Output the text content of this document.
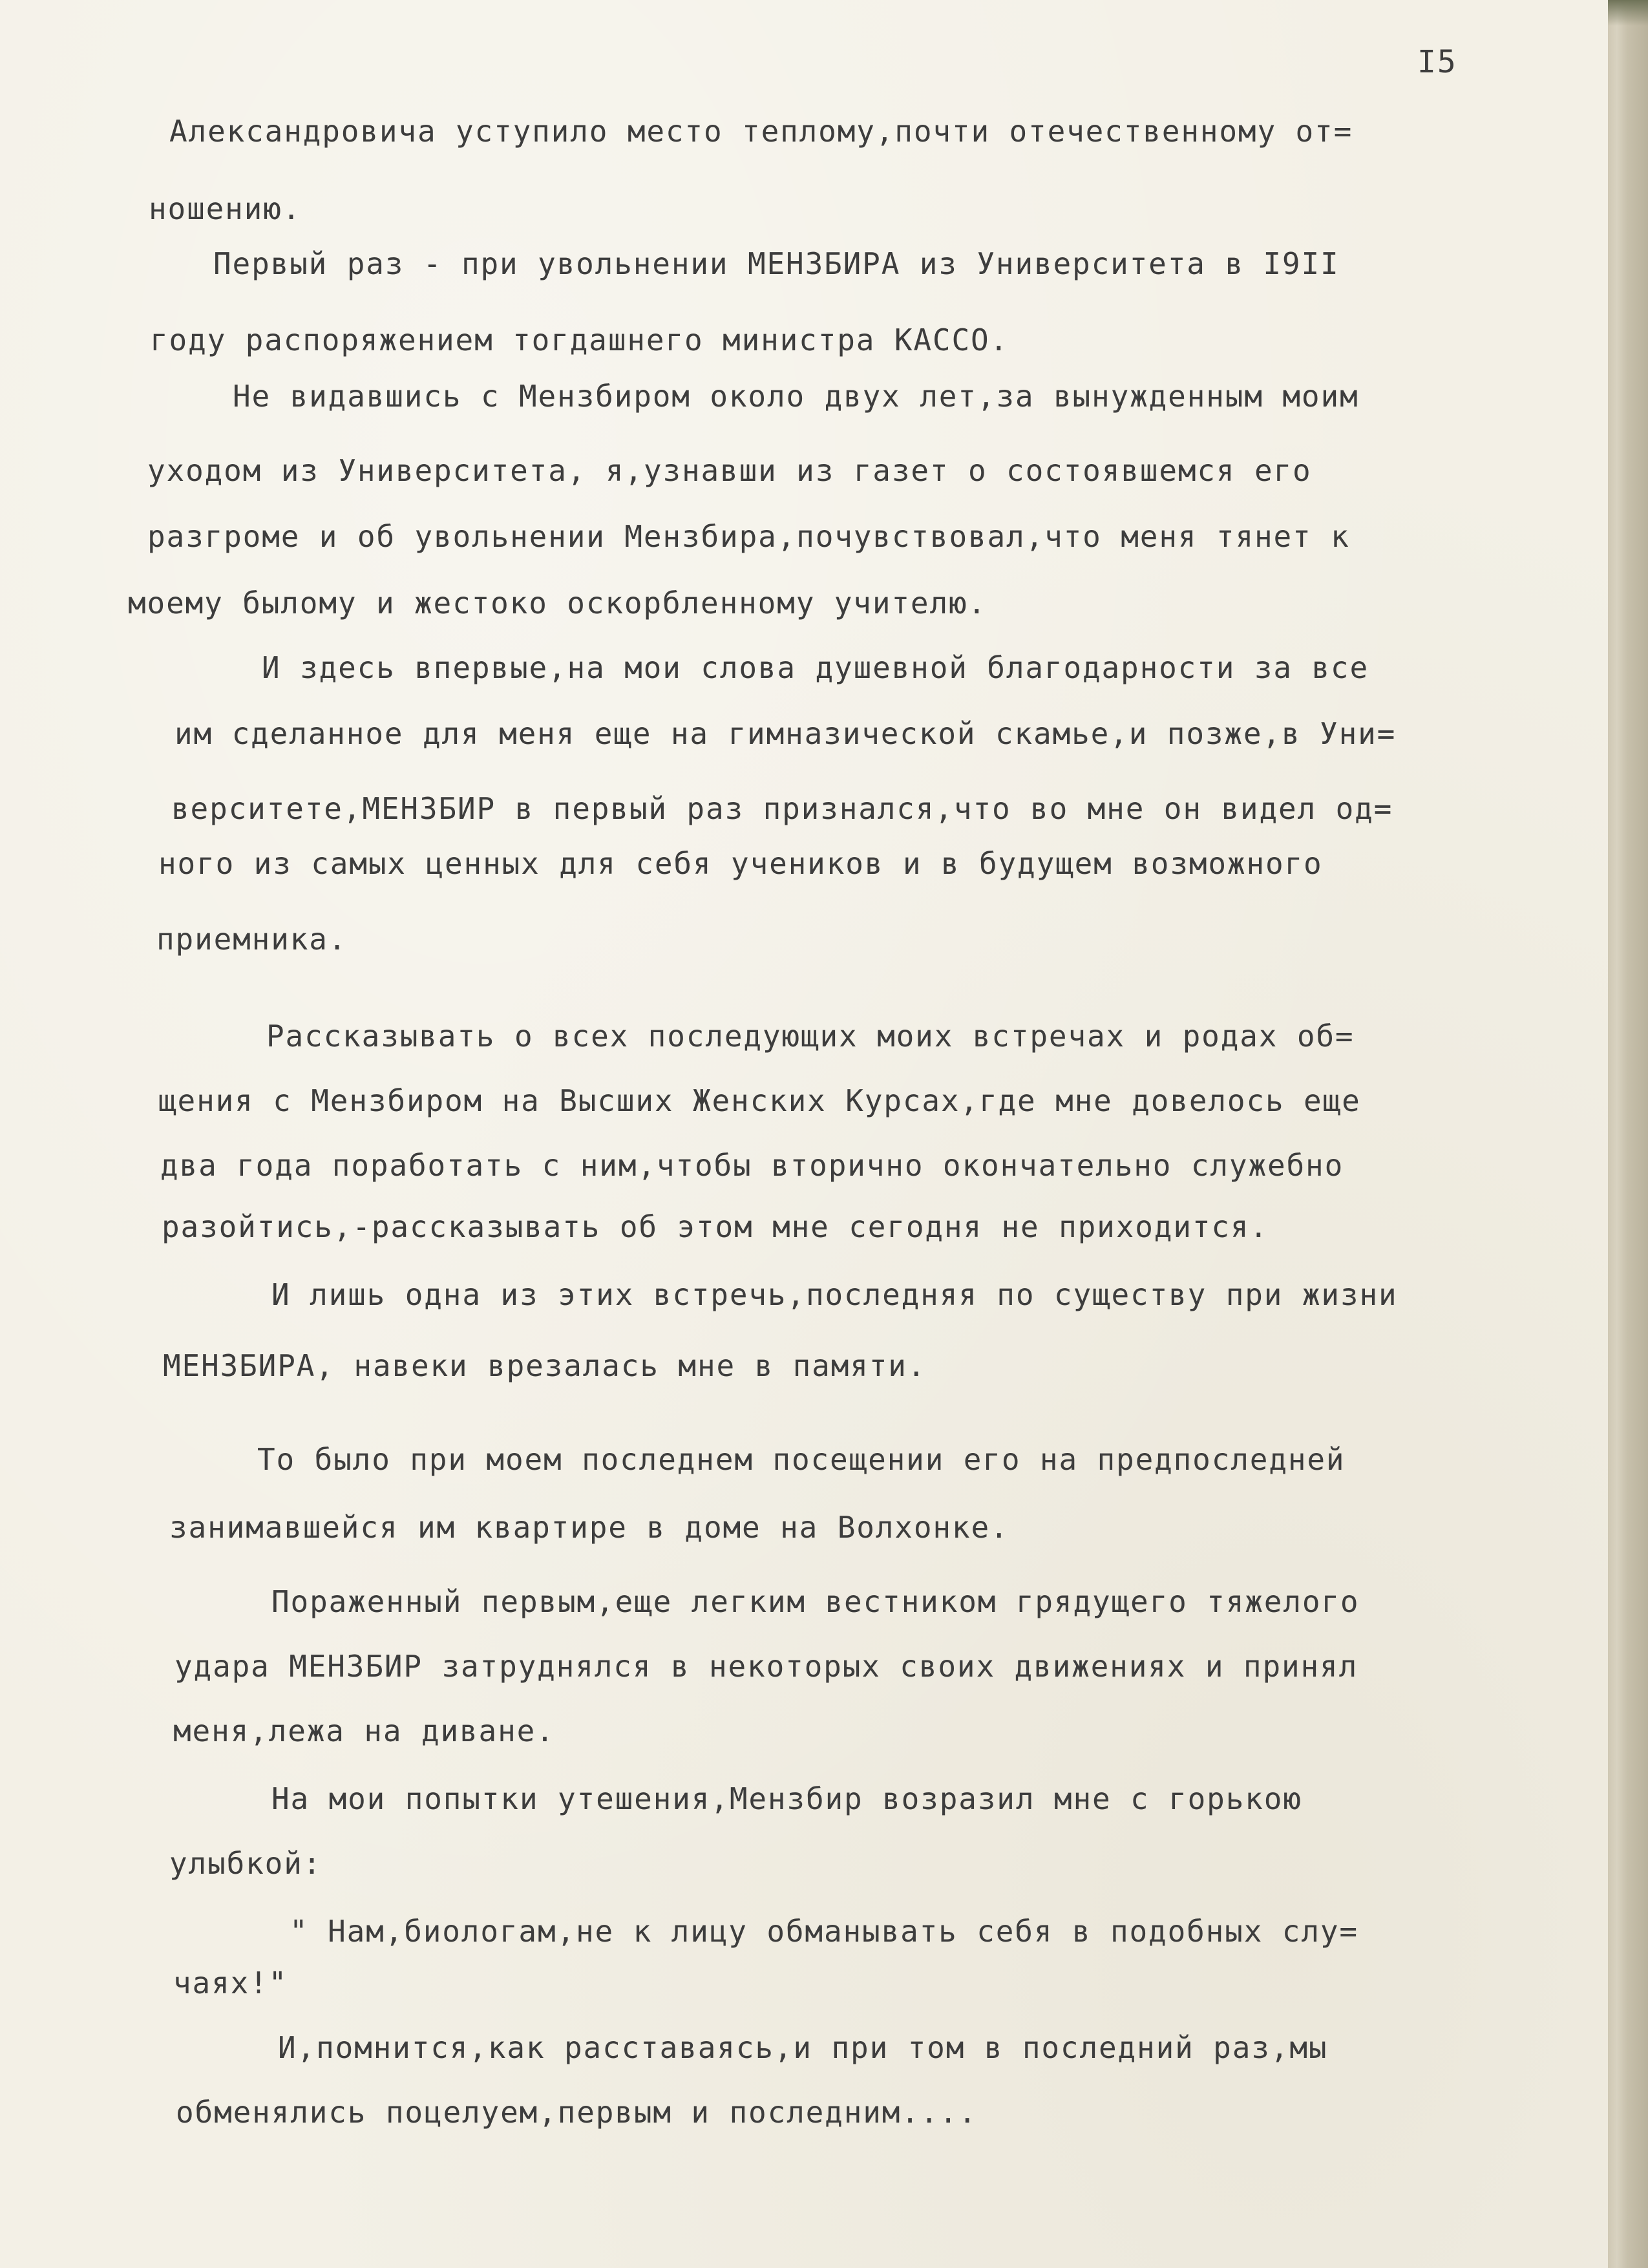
I5

Александровича уступило место теплому,почти отечественному от=

ношению.

Первый раз - при увольнении МЕНЗБИРА из Университета в I9II

году распоряжением тогдашнего министра КАССО.

Не видавшись с Мензбиром около двух лет,за вынужденным моим

уходом из Университета, я,узнавши из газет о состоявшемся его

разгроме и об увольнении Мензбира,почувствовал,что меня тянет к

моему былому и жестоко оскорбленному учителю.

И здесь впервые,на мои слова душевной благодарности за все

им сделанное для меня еще на гимназической скамье,и позже,в Уни=

верситете,МЕНЗБИР в первый раз признался,что во мне он видел од=

ного из самых ценных для себя учеников и в будущем возможного

приемника.

Рассказывать о всех последующих моих встречах и родах об=

щения с Мензбиром на Высших Женских Курсах,где мне довелось еще

два года поработать с ним,чтобы вторично окончательно служебно

разойтись,-рассказывать об этом мне сегодня не приходится.

И лишь одна из этих встречь,последняя по существу при жизни

МЕНЗБИРА, навеки врезалась мне в памяти.

То было при моем последнем посещении его на предпоследней

занимавшейся им квартире в доме на Волхонке.

Пораженный первым,еще легким вестником грядущего тяжелого

удара МЕНЗБИР затруднялся в некоторых своих движениях и принял

меня,лежа на диване.

На мои попытки утешения,Мензбир возразил мне с горькою

улыбкой:

" Нам,биологам,не к лицу обманывать себя в подобных слу=

чаях!"

И,помнится,как расставаясь,и при том в последний раз,мы

обменялись поцелуем,первым и последним....
